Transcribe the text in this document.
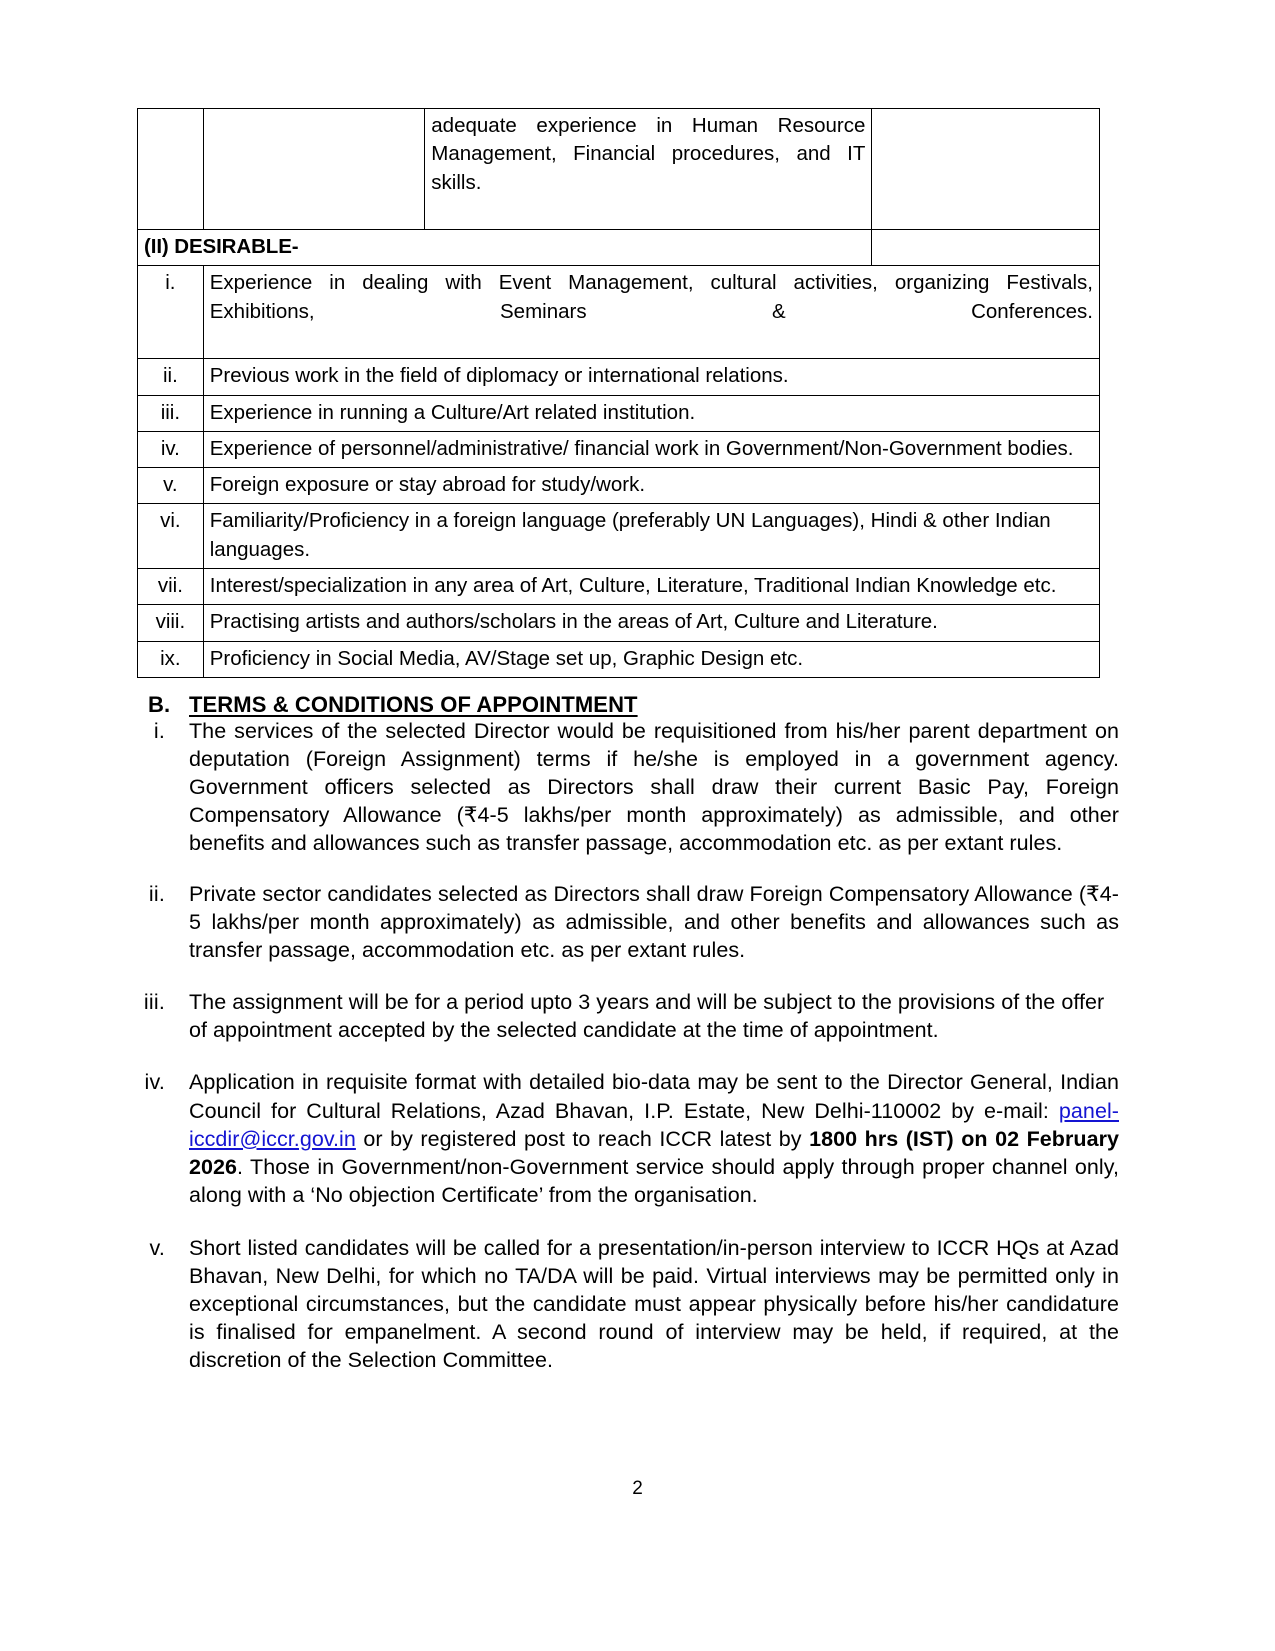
		adequate experience in Human Resource Management, Financial procedures, and IT skills.	

(II) DESIRABLE-			
i.	Experience in dealing with Event Management, cultural activities, organizing Festivals, Exhibitions, Seminars & Conferences.		

ii.	Previous work in the field of diplomacy or international relations.		
iii.	Experience in running a Culture/Art related institution.		
iv.	Experience of personnel/administrative/ financial work in Government/Non-Government bodies.		
v.	Foreign exposure or stay abroad for study/work.		
vi.	Familiarity/Proficiency in a foreign language (preferably UN Languages), Hindi & other Indian languages.		
vii.	Interest/specialization in any area of Art, Culture, Literature, Traditional Indian Knowledge etc.		
viii.	Practising artists and authors/scholars in the areas of Art, Culture and Literature.		
ix.	Proficiency in Social Media, AV/Stage set up, Graphic Design etc.		
B. TERMS & CONDITIONS OF APPOINTMENT
i.	The services of the selected Director would be requisitioned from his/her parent department on deputation (Foreign Assignment) terms if he/she is employed in a government agency. Government officers selected as Directors shall draw their current Basic Pay, Foreign Compensatory Allowance (₹4-5 lakhs/per month approximately) as admissible, and other benefits and allowances such as transfer passage, accommodation etc. as per extant rules.
ii.	Private sector candidates selected as Directors shall draw Foreign Compensatory Allowance (₹4-5 lakhs/per month approximately) as admissible, and other benefits and allowances such as transfer passage, accommodation etc. as per extant rules.
iii.	The assignment will be for a period upto 3 years and will be subject to the provisions of the offer of appointment accepted by the selected candidate at the time of appointment.
iv.	Application in requisite format with detailed bio-data may be sent to the Director General, Indian Council for Cultural Relations, Azad Bhavan, I.P. Estate, New Delhi-110002 by e-mail: panel-iccdir@iccr.gov.in or by registered post to reach ICCR latest by 1800 hrs (IST) on 02 February 2026. Those in Government/non-Government service should apply through proper channel only, along with a ‘No objection Certificate’ from the organisation.
v.	Short listed candidates will be called for a presentation/in-person interview to ICCR HQs at Azad Bhavan, New Delhi, for which no TA/DA will be paid. Virtual interviews may be permitted only in exceptional circumstances, but the candidate must appear physically before his/her candidature is finalised for empanelment. A second round of interview may be held, if required, at the discretion of the Selection Committee.
2
